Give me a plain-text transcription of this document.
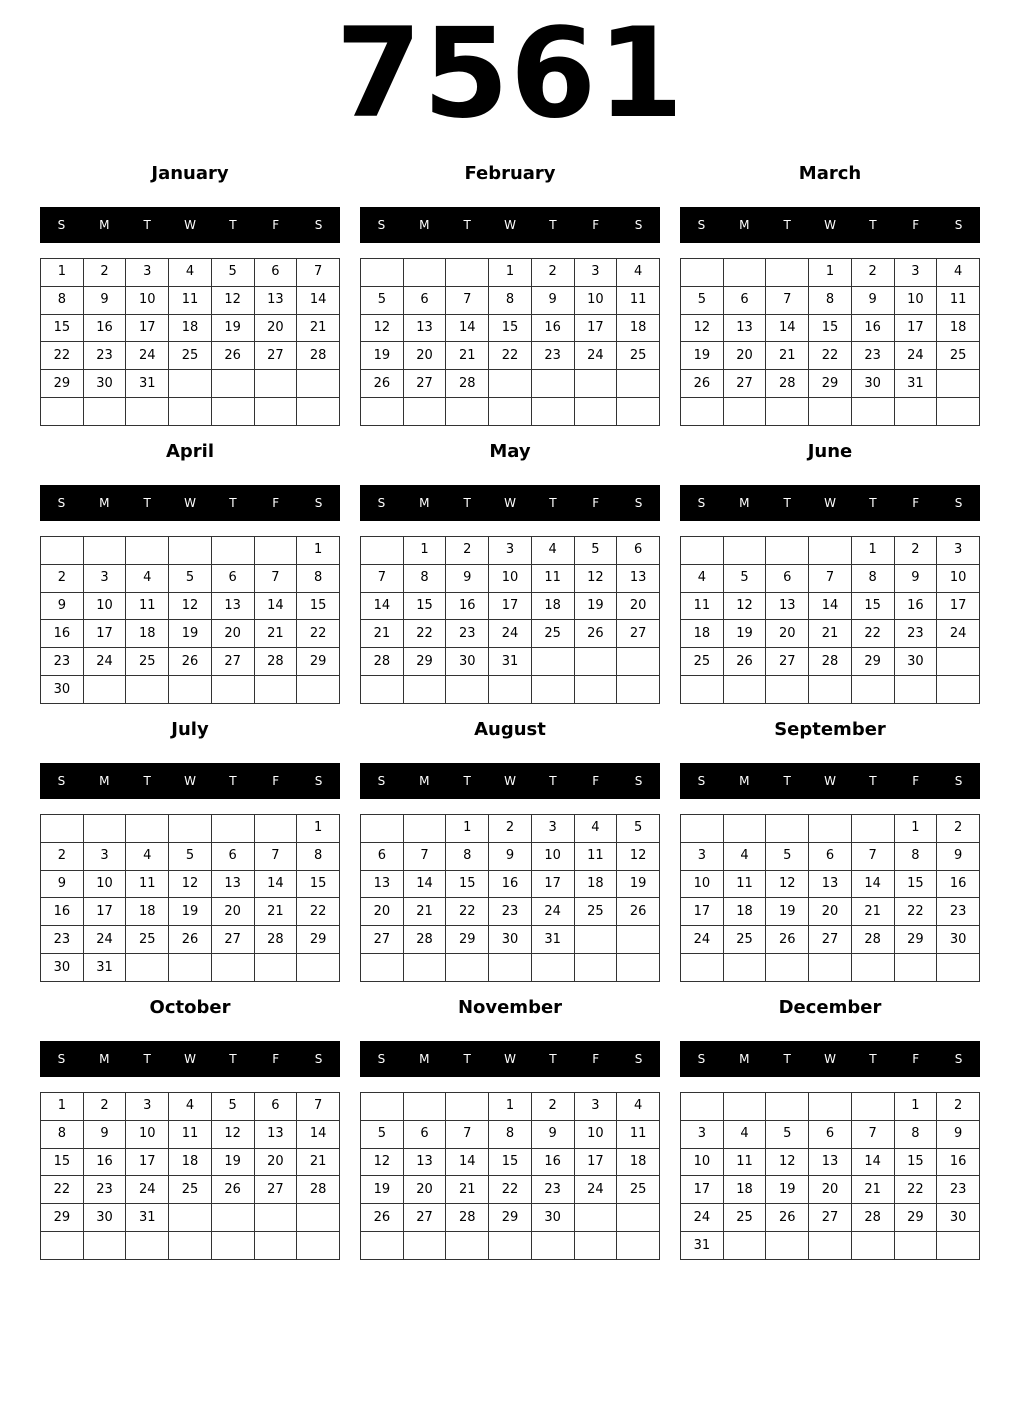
7561
January
S	M	T	W	T	F	S
1	2	3	4	5	6	7
8	9	10	11	12	13	14
15	16	17	18	19	20	21
22	23	24	25	26	27	28
29	30	31				

February
S	M	T	W	T	F	S
			1	2	3	4
5	6	7	8	9	10	11
12	13	14	15	16	17	18
19	20	21	22	23	24	25
26	27	28				

March
S	M	T	W	T	F	S
			1	2	3	4
5	6	7	8	9	10	11
12	13	14	15	16	17	18
19	20	21	22	23	24	25
26	27	28	29	30	31	

April
S	M	T	W	T	F	S
						1
2	3	4	5	6	7	8
9	10	11	12	13	14	15
16	17	18	19	20	21	22
23	24	25	26	27	28	29
30						
May
S	M	T	W	T	F	S
	1	2	3	4	5	6
7	8	9	10	11	12	13
14	15	16	17	18	19	20
21	22	23	24	25	26	27
28	29	30	31			

June
S	M	T	W	T	F	S
				1	2	3
4	5	6	7	8	9	10
11	12	13	14	15	16	17
18	19	20	21	22	23	24
25	26	27	28	29	30	

July
S	M	T	W	T	F	S
						1
2	3	4	5	6	7	8
9	10	11	12	13	14	15
16	17	18	19	20	21	22
23	24	25	26	27	28	29
30	31					
August
S	M	T	W	T	F	S
		1	2	3	4	5
6	7	8	9	10	11	12
13	14	15	16	17	18	19
20	21	22	23	24	25	26
27	28	29	30	31		

September
S	M	T	W	T	F	S
					1	2
3	4	5	6	7	8	9
10	11	12	13	14	15	16
17	18	19	20	21	22	23
24	25	26	27	28	29	30

October
S	M	T	W	T	F	S
1	2	3	4	5	6	7
8	9	10	11	12	13	14
15	16	17	18	19	20	21
22	23	24	25	26	27	28
29	30	31				

November
S	M	T	W	T	F	S
			1	2	3	4
5	6	7	8	9	10	11
12	13	14	15	16	17	18
19	20	21	22	23	24	25
26	27	28	29	30		

December
S	M	T	W	T	F	S
					1	2
3	4	5	6	7	8	9
10	11	12	13	14	15	16
17	18	19	20	21	22	23
24	25	26	27	28	29	30
31						
